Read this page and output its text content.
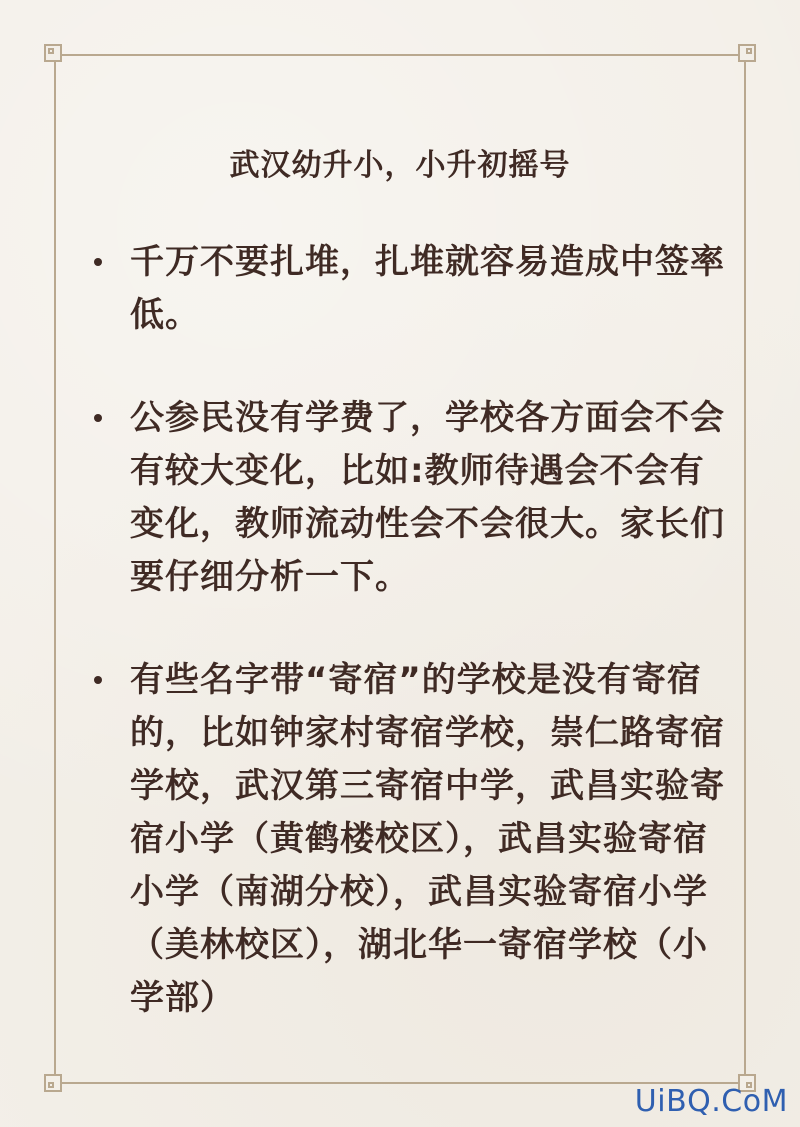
武汉幼升小，小升初摇号
千万不要扎堆，扎堆就容易造成中签率低。
公参民没有学费了，学校各方面会不会有较大变化，比如:教师待遇会不会有变化，教师流动性会不会很大。家长们要仔细分析一下。
有些名字带“寄宿”的学校是没有寄宿的，比如钟家村寄宿学校，崇仁路寄宿学校，武汉第三寄宿中学，武昌实验寄宿小学（黄鹤楼校区），武昌实验寄宿小学（南湖分校），武昌实验寄宿小学（美林校区），湖北华一寄宿学校（小学部）
UiBQ.CoM
